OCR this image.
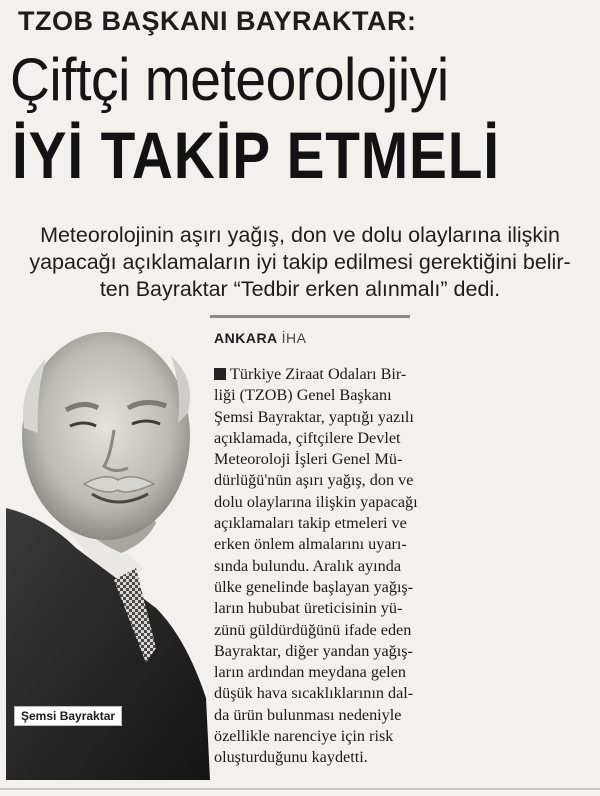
TZOB BAŞKANI BAYRAKTAR:
Çiftçi meteorolojiyi
İYİ TAKİP ETMELİ
Meteorolojinin aşırı yağış, don ve dolu olaylarına ilişkin
yapacağı açıklamaların iyi takip edilmesi gerektiğini belir-
ten Bayraktar “Tedbir erken alınmalı” dedi.
Şemsi Bayraktar
ANKARA İHA
Türkiye Ziraat Odaları Bir-
liği (TZOB) Genel Başkanı
Şemsi Bayraktar, yaptığı yazılı
açıklamada, çiftçilere Devlet
Meteoroloji İşleri Genel Mü-
dürlüğü'nün aşırı yağış, don ve
dolu olaylarına ilişkin yapacağı
açıklamaları takip etmeleri ve
erken önlem almalarını uyarı-
sında bulundu. Aralık ayında
ülke genelinde başlayan yağış-
ların hububat üreticisinin yü-
zünü güldürdüğünü ifade eden
Bayraktar, diğer yandan yağış-
ların ardından meydana gelen
düşük hava sıcaklıklarının dal-
da ürün bulunması nedeniyle
özellikle narenciye için risk
oluşturduğunu kaydetti.
